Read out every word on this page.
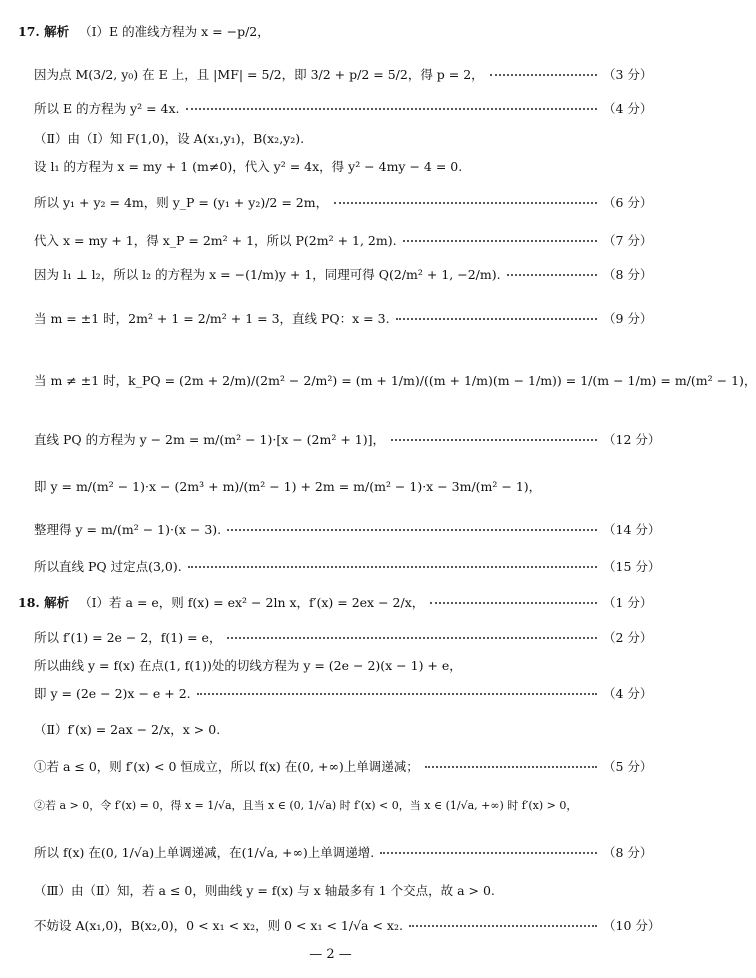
17. 解析 （Ⅰ）E 的准线方程为 x = −p/2，
因为点 M(3/2, y₀) 在 E 上，且 |MF| = 5/2，即 3/2 + p/2 = 5/2，得 p = 2，	（3 分）
所以 E 的方程为 y² = 4x.	（4 分）
（Ⅱ）由（Ⅰ）知 F(1,0)，设 A(x₁,y₁)，B(x₂,y₂).
设 l₁ 的方程为 x = my + 1 (m≠0)，代入 y² = 4x，得 y² − 4my − 4 = 0.
所以 y₁ + y₂ = 4m，则 y_P = (y₁ + y₂)/2 = 2m，	（6 分）
代入 x = my + 1，得 x_P = 2m² + 1，所以 P(2m² + 1, 2m).	（7 分）
因为 l₁ ⊥ l₂，所以 l₂ 的方程为 x = −(1/m)y + 1，同理可得 Q(2/m² + 1, −2/m).	（8 分）
当 m = ±1 时，2m² + 1 = 2/m² + 1 = 3，直线 PQ：x = 3.	（9 分）
当 m ≠ ±1 时，k_PQ = (2m + 2/m)/(2m² − 2/m²) = (m + 1/m)/((m + 1/m)(m − 1/m)) = 1/(m − 1/m) = m/(m² − 1)，
直线 PQ 的方程为 y − 2m = m/(m² − 1)·[x − (2m² + 1)]，	（12 分）
即 y = m/(m² − 1)·x − (2m³ + m)/(m² − 1) + 2m = m/(m² − 1)·x − 3m/(m² − 1)，
整理得 y = m/(m² − 1)·(x − 3).	（14 分）
所以直线 PQ 过定点(3,0).	（15 分）
18. 解析 （Ⅰ）若 a = e，则 f(x) = ex² − 2ln x，f′(x) = 2ex − 2/x，	（1 分）
所以 f′(1) = 2e − 2，f(1) = e，	（2 分）
所以曲线 y = f(x) 在点(1, f(1))处的切线方程为 y = (2e − 2)(x − 1) + e，
即 y = (2e − 2)x − e + 2.	（4 分）
（Ⅱ）f′(x) = 2ax − 2/x，x > 0.
①若 a ≤ 0，则 f′(x) < 0 恒成立，所以 f(x) 在(0, +∞)上单调递减；	（5 分）
②若 a > 0，令 f′(x) = 0，得 x = 1/√a，且当 x ∈ (0, 1/√a) 时 f′(x) < 0，当 x ∈ (1/√a, +∞) 时 f′(x) > 0，
所以 f(x) 在(0, 1/√a)上单调递减，在(1/√a, +∞)上单调递增.	（8 分）
（Ⅲ）由（Ⅱ）知，若 a ≤ 0，则曲线 y = f(x) 与 x 轴最多有 1 个交点，故 a > 0.
不妨设 A(x₁,0)，B(x₂,0)，0 < x₁ < x₂，则 0 < x₁ < 1/√a < x₂.	（10 分）
— 2 —
